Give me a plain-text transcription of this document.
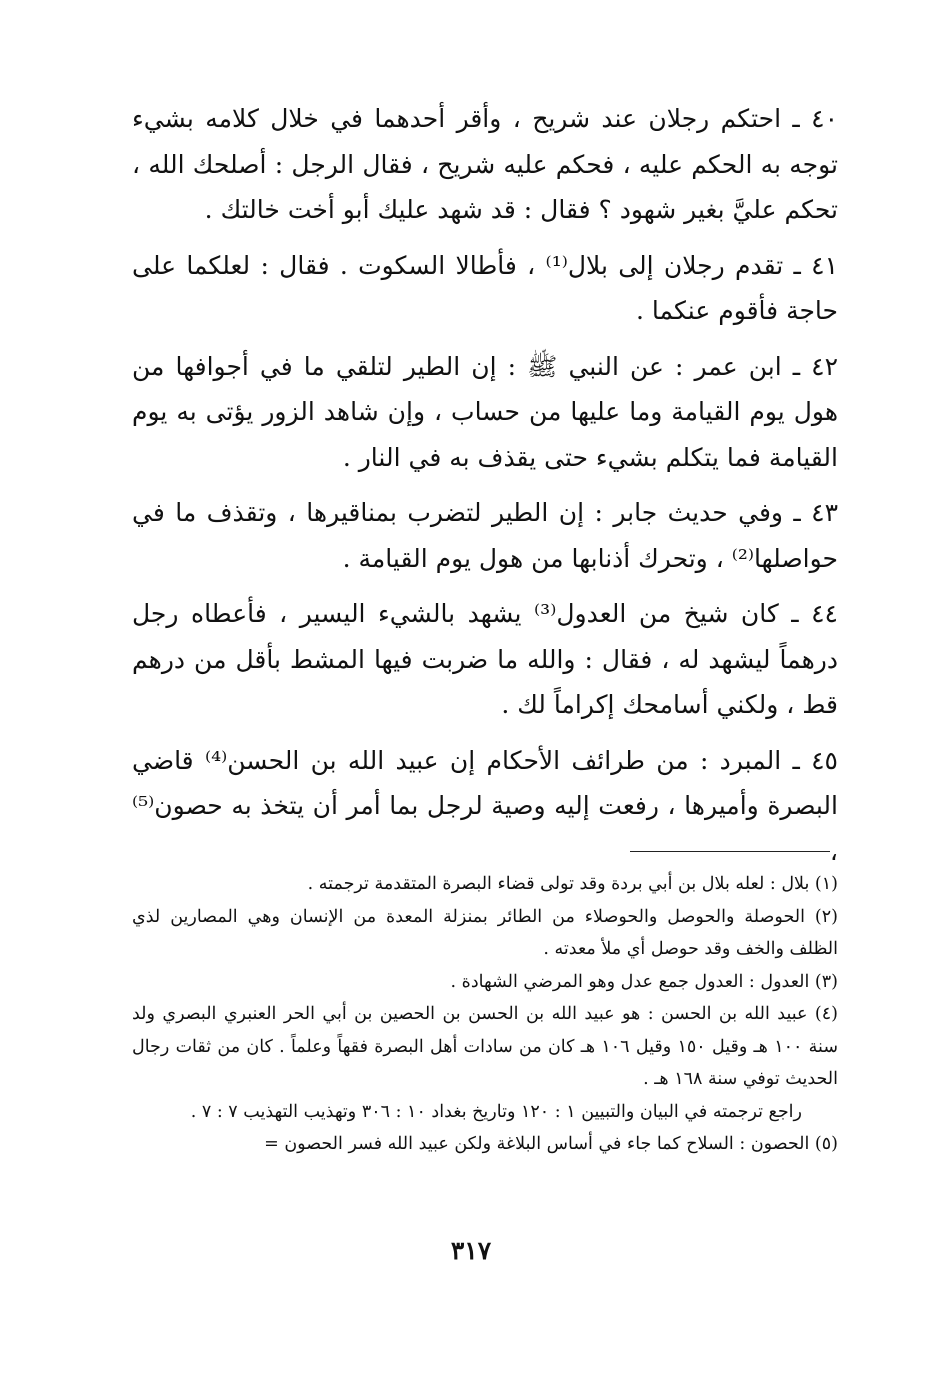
٤٠ ـ احتكم رجلان عند شريح ، وأقر أحدهما في خلال كلامه بشيء توجه به الحكم عليه ، فحكم عليه شريح ، فقال الرجل : أصلحك الله ، تحكم عليَّ بغير شهود ؟ فقال : قد شهد عليك أبو أخت خالتك .

٤١ ـ تقدم رجلان إلى بلال⁽¹⁾ ، فأطالا السكوت . فقال : لعلكما على حاجة فأقوم عنكما .

٤٢ ـ ابن عمر : عن النبي ﷺ : إن الطير لتلقي ما في أجوافها من هول يوم القيامة وما عليها من حساب ، وإن شاهد الزور يؤتى به يوم القيامة فما يتكلم بشيء حتى يقذف به في النار .

٤٣ ـ وفي حديث جابر : إن الطير لتضرب بمناقيرها ، وتقذف ما في حواصلها⁽²⁾ ، وتحرك أذنابها من هول يوم القيامة .

٤٤ ـ كان شيخ من العدول⁽³⁾ يشهد بالشيء اليسير ، فأعطاه رجل درهماً ليشهد له ، فقال : والله ما ضربت فيها المشط بأقل من درهم قط ، ولكني أسامحك إكراماً لك .

٤٥ ـ المبرد : من طرائف الأحكام إن عبيد الله بن الحسن⁽⁴⁾ قاضي البصرة وأميرها ، رفعت إليه وصية لرجل بما أمر أن يتخذ به حصون⁽⁵⁾ ،

(١) بلال : لعله بلال بن أبي بردة وقد تولى قضاء البصرة المتقدمة ترجمته .

(٢) الحوصلة والحوصل والحوصلاء من الطائر بمنزلة المعدة من الإنسان وهي المصارين لذي الظلف والخف وقد حوصل أي ملأ معدته .

(٣) العدول : العدول جمع عدل وهو المرضي الشهادة .

(٤) عبيد الله بن الحسن : هو عبيد الله بن الحسن بن الحصين بن أبي الحر العنبري البصري ولد سنة ١٠٠ هـ وقيل ١٥٠ وقيل ١٠٦ هـ كان من سادات أهل البصرة فقهاً وعلماً . كان من ثقات رجال الحديث توفي سنة ١٦٨ هـ .

راجع ترجمته في البيان والتبيين ١ : ١٢٠ وتاريخ بغداد ١٠ : ٣٠٦ وتهذيب التهذيب ٧ : ٧ .

(٥) الحصون : السلاح كما جاء في أساس البلاغة ولكن عبيد الله فسر الحصون =

٣١٧
